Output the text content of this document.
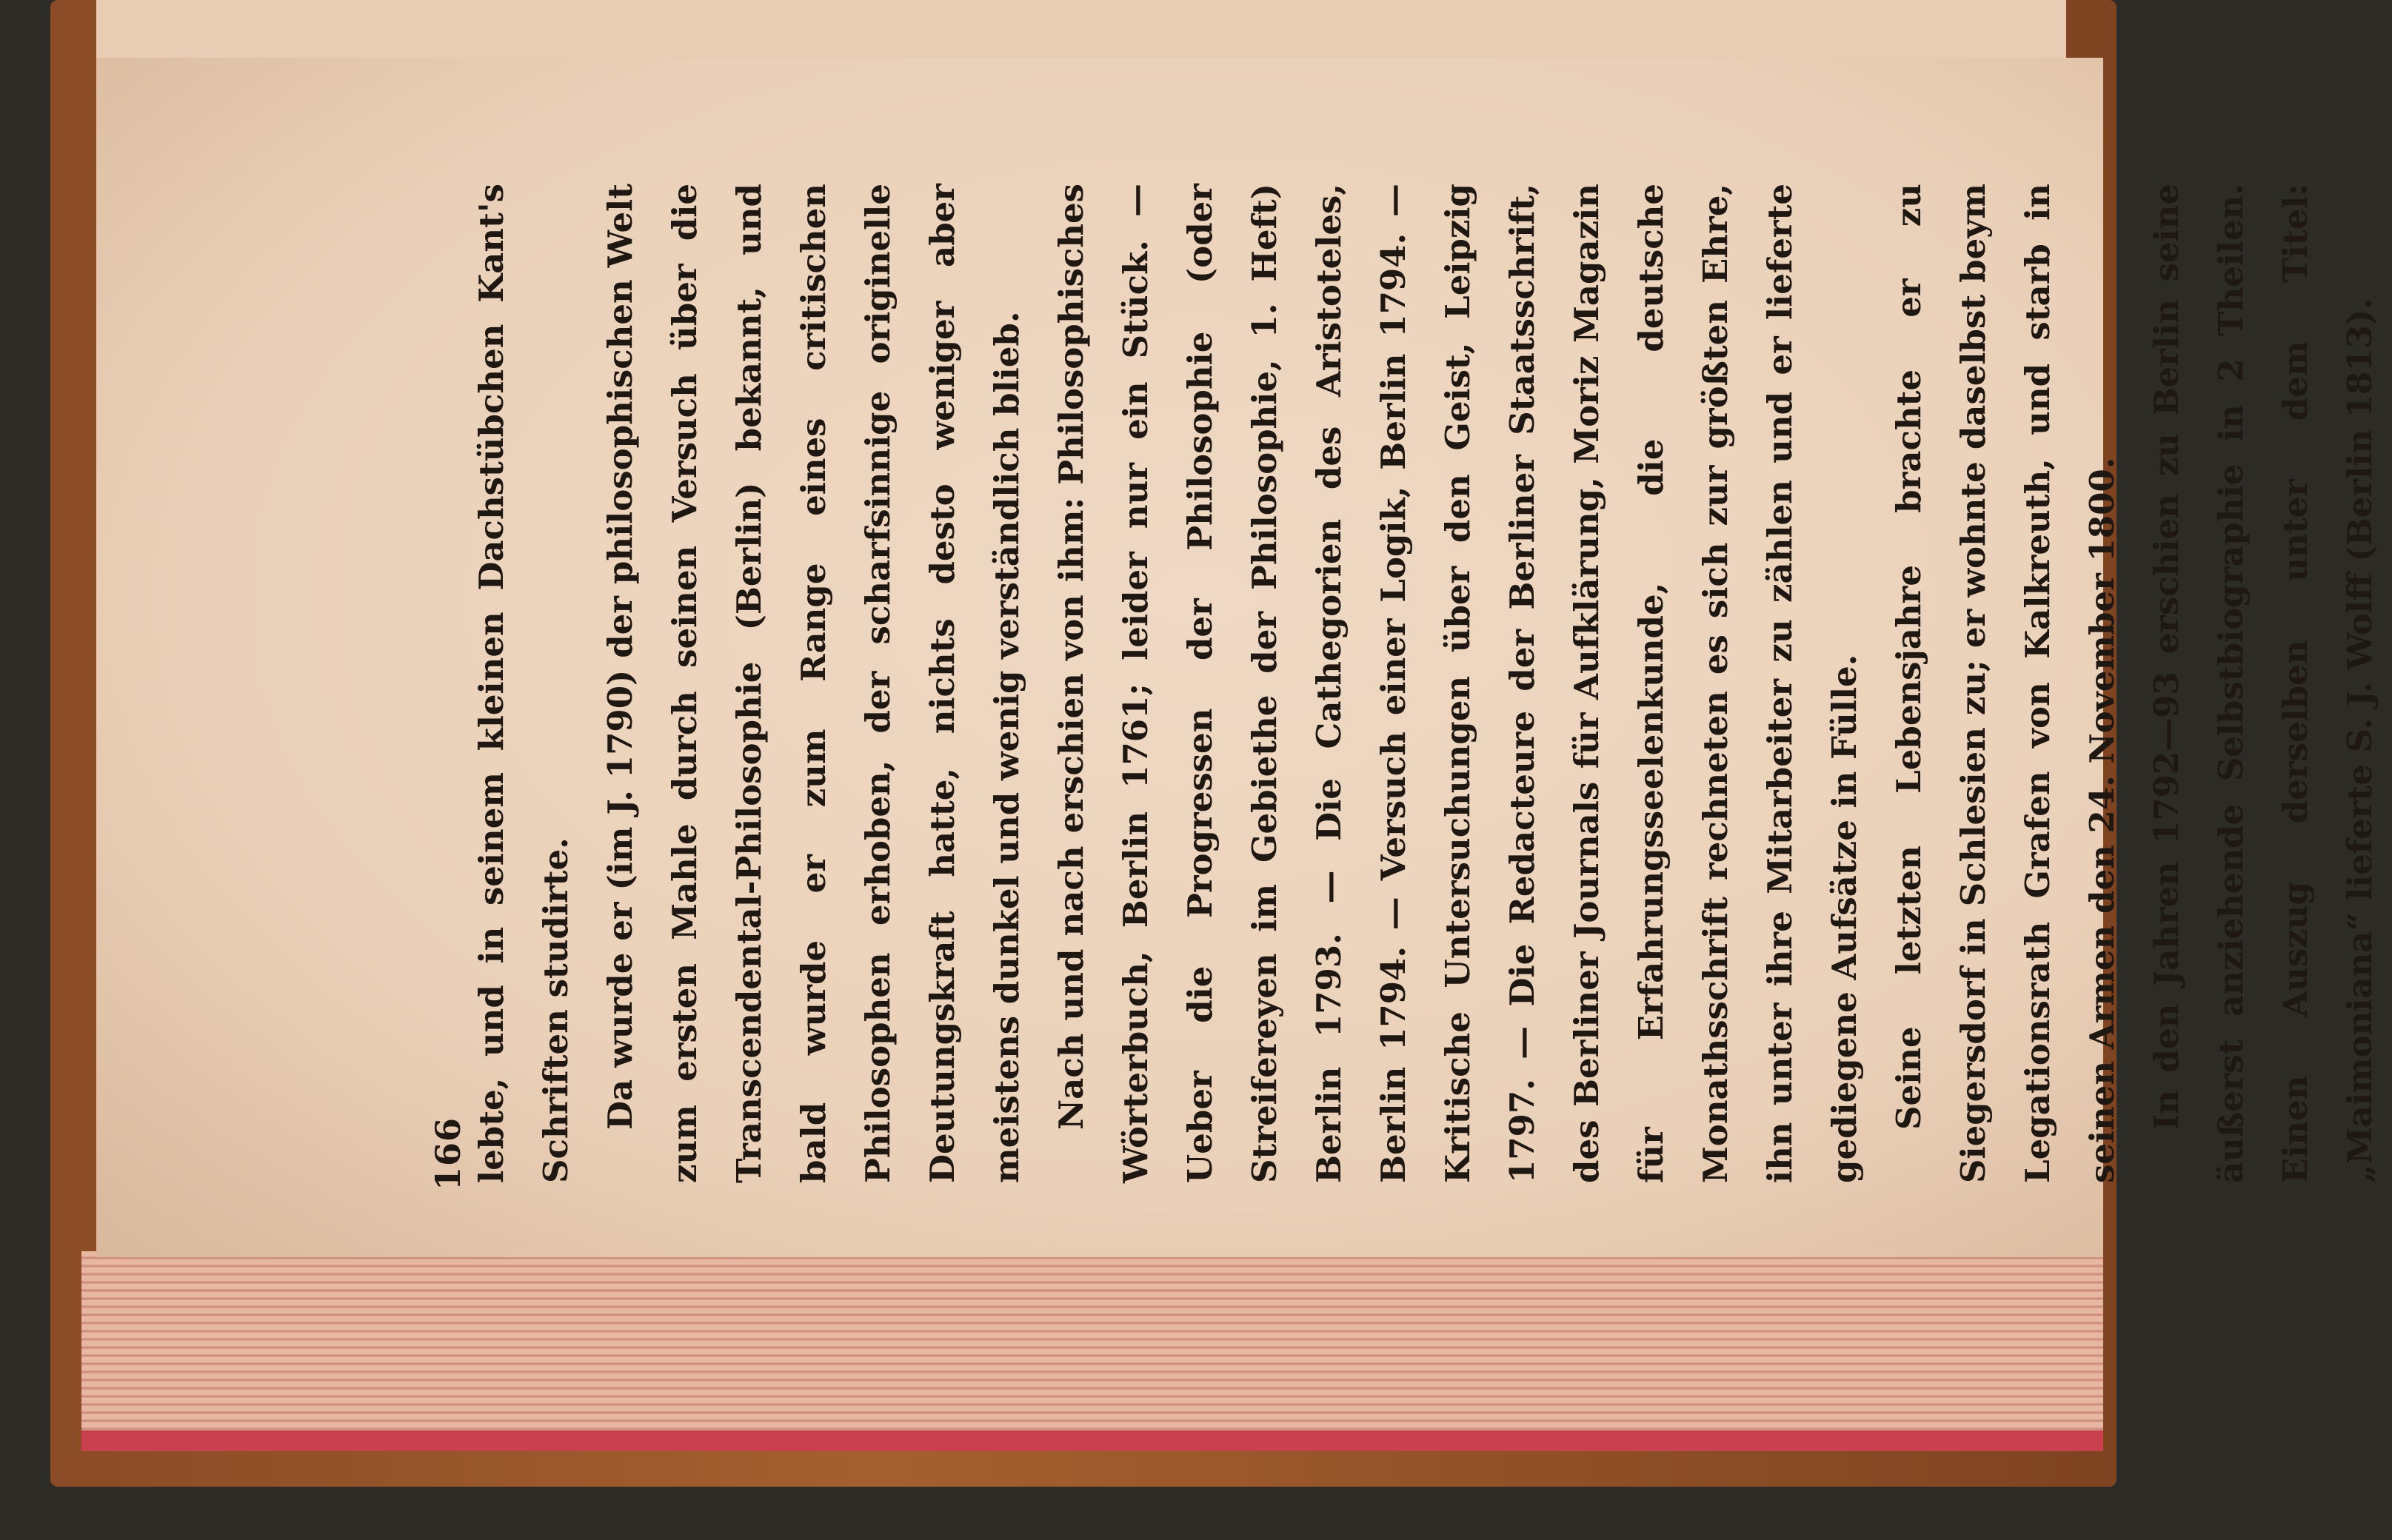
166 lebte, und in seinem kleinen Dachstübchen Kant's Schriften studirte. Da wurde er (im J. 1790) der philosophischen Welt zum ersten Mahle durch seinen Versuch über die Transcendental-Philosophie (Berlin) bekannt, und bald wurde er zum Range eines critischen Philosophen erhoben, der scharfsinnige originelle Deutungskraft hatte, nichts desto weniger aber meistens dunkel und wenig verständlich blieb. Nach und nach erschien von ihm: Philosophisches Wörterbuch, Berlin 1761; leider nur ein Stück. — Ueber die Progressen der Philosophie (oder Streifereyen im Gebiethe der Philosophie, 1. Heft) Berlin 1793. — Die Cathegorien des Aristoteles, Berlin 1794. — Versuch einer Logik, Berlin 1794. — Kritische Untersuchungen über den Geist, Leipzig 1797. — Die Redacteure der Berliner Staatsschrift, des Berliner Journals für Aufklärung, Moriz Magazin für Erfahrungsseelenkunde, die deutsche Monathsschrift rechneten es sich zur größten Ehre, ihn unter ihre Mitarbeiter zu zählen und er lieferte gediegene Aufsätze in Fülle. Seine letzten Lebensjahre brachte er zu Siegersdorf in Schlesien zu; er wohnte daselbst beym Legationsrath Grafen von Kalkreuth, und starb in seinen Armen den 24. November 1800. In den Jahren 1792—93 erschien zu Berlin seine äußerst anziehende Selbstbiographie in 2 Theilen. Einen Auszug derselben unter dem Titel: „Maimoniana“ lieferte S. J. Wolff (Berlin 1813).
